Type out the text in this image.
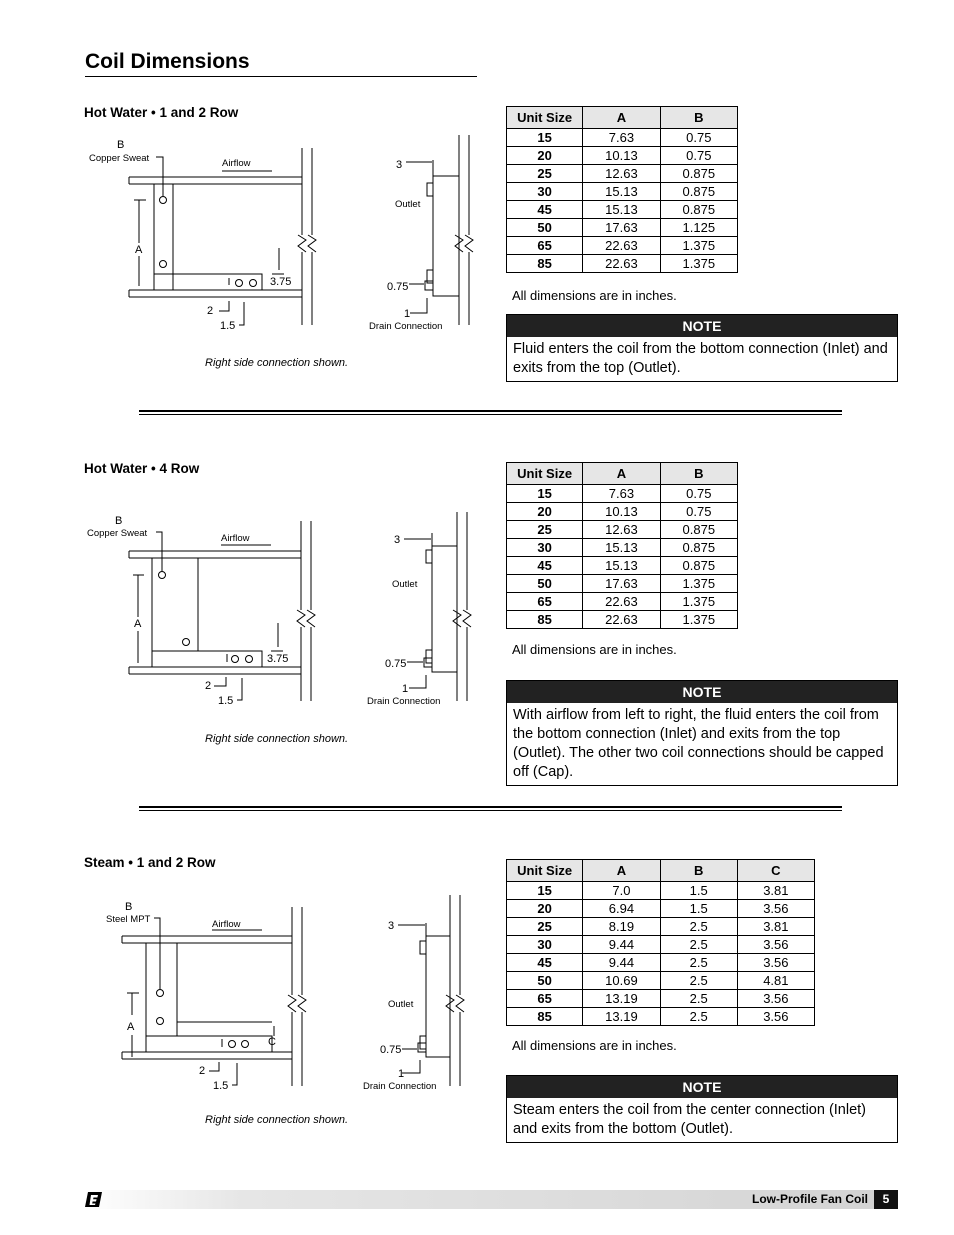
Coil Dimensions
Hot Water • 1 and 2 Row
B
Copper Sweat	Airflow
A
3.75
2
1.5
3
Outlet
0.75
1
Drain Connection
Right side connection shown.
Unit Size	A	B
15	7.63	0.75
20	10.13	0.75
25	12.63	0.875
30	15.13	0.875
45	15.13	0.875
50	17.63	1.125
65	22.63	1.375
85	22.63	1.375
All dimensions are in inches.
NOTE
Fluid enters the coil from the bottom connection (Inlet) and exits from the top (Outlet).
Hot Water • 4 Row
B
Copper Sweat	Airflow
A
3.75
2
1.5
3
Outlet
0.75
1
Drain Connection
Right side connection shown.
Unit Size	A	B
15	7.63	0.75
20	10.13	0.75
25	12.63	0.875
30	15.13	0.875
45	15.13	0.875
50	17.63	1.375
65	22.63	1.375
85	22.63	1.375
All dimensions are in inches.
NOTE
With airflow from left to right, the fluid enters the coil from the bottom connection (Inlet) and exits from the top (Outlet). The other two coil connections should be capped off (Cap).
Steam • 1 and 2 Row
B
Steel MPT	Airflow
A
C
2
1.5
3
Outlet
0.75
1
Drain Connection
Right side connection shown.
Unit Size	A	B	C
15	7.0	1.5	3.81
20	6.94	1.5	3.56
25	8.19	2.5	3.81
30	9.44	2.5	3.56
45	9.44	2.5	3.56
50	10.69	2.5	4.81
65	13.19	2.5	3.56
85	13.19	2.5	3.56
All dimensions are in inches.
NOTE
Steam enters the coil from the center connection (Inlet) and exits from the bottom (Outlet).
Low-Profile Fan Coil	5
